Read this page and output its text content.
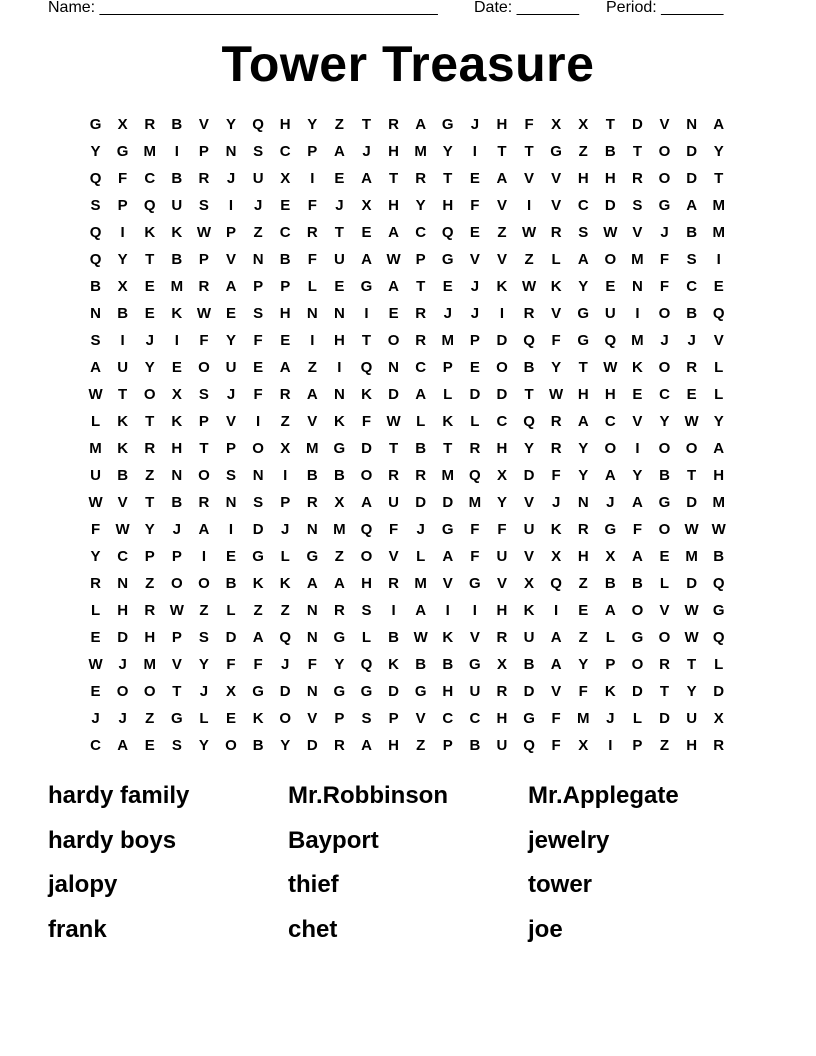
Name: ______________________________________ Date: _______ Period: _______
Tower Treasure
G	X	R	B	V	Y	Q	H	Y	Z	T	R	A	G	J	H	F	X	X	T	D	V	N	A
Y	G	M	I	P	N	S	C	P	A	J	H	M	Y	I	T	T	G	Z	B	T	O	D	Y
Q	F	C	B	R	J	U	X	I	E	A	T	R	T	E	A	V	V	H	H	R	O	D	T
S	P	Q	U	S	I	J	E	F	J	X	H	Y	H	F	V	I	V	C	D	S	G	A	M
Q	I	K	K W	P	Z	C	R	T	E	A	C	Q	E	Z	W R	S	W	V	J	B	M
Q	Y	T	B	P	V	N	B	F	U	A W	P	G	V	V	Z	L	A	O	M	F	S	I
B	X	E	M	R	A	P	P	L	E	G	A	T	E	J	K W K	Y	E	N	F	C	E
N	B	E	K W	E	S	H	N	N	I	E	R	J	J	I	R	V	G	U	I	O	B	Q
S	I	J	I	F	Y	F	E	I	H	T	O	R	M	P	D	Q	F	G	Q	M	J	J	V
A	U	Y	E	O	U	E	A	Z	I	Q	N	C	P	E	O	B	Y	T	W K	O	R	L
W	T	O	X	S	J	F	R	A	N	K	D	A	L	D	D	T	W H	H	E	C	E	L
L	K	T	K	P	V	I	Z	V	K	F	W	L	K	L	C	Q	R	A	C	V	Y	W	Y
M	K	R	H	T	P	O	X	M	G	D	T	B	T	R	H	Y	R	Y	O	I	O	O	A
U	B	Z	N	O	S	N	I	B	B	O	R	R	M	Q	X	D	F	Y	A	Y	B	T	H
W	V	T	B	R	N	S	P	R	X	A	U	D	D	M	Y	V	J	N	J	A	G	D	M
F	W	Y	J	A	I	D	J	N	M	Q	F	J	G	F	F	U	K	R	G	F	O W W
Y	C	P	P	I	E	G	L	G	Z	O	V	L	A	F	U	V	X	H	X	A	E	M	B
R	N	Z	O	O	B	K	K	A	A	H	R	M	V	G	V	X	Q	Z	B	B	L	D	Q
L	H	R W	Z	L	Z	Z	N	R	S	I	A	I	I	H	K	I	E	A	O	V	W G
E	D	H	P	S	D	A	Q	N	G	L	B W K	V	R	U	A	Z	L	G	O W Q
W	J	M	V	Y	F	F	J	F	Y	Q	K	B	B	G	X	B	A	Y	P	O	R	T	L
E	O	O	T	J	X	G	D	N	G	G	D	G	H	U	R	D	V	F	K	D	T	Y	D
J	J	Z	G	L	E	K	O	V	P	S	P	V	C	C	H	G	F	M	J	L	D	U	X
C	A	E	S	Y	O	B	Y	D	R	A	H	Z	P	B	U	Q	F	X	I	P	Z	H	R
hardy family	Mr.Robbinson	Mr.Applegate
hardy boys	Bayport	jewelry
jalopy	thief	tower
frank	chet	joe
